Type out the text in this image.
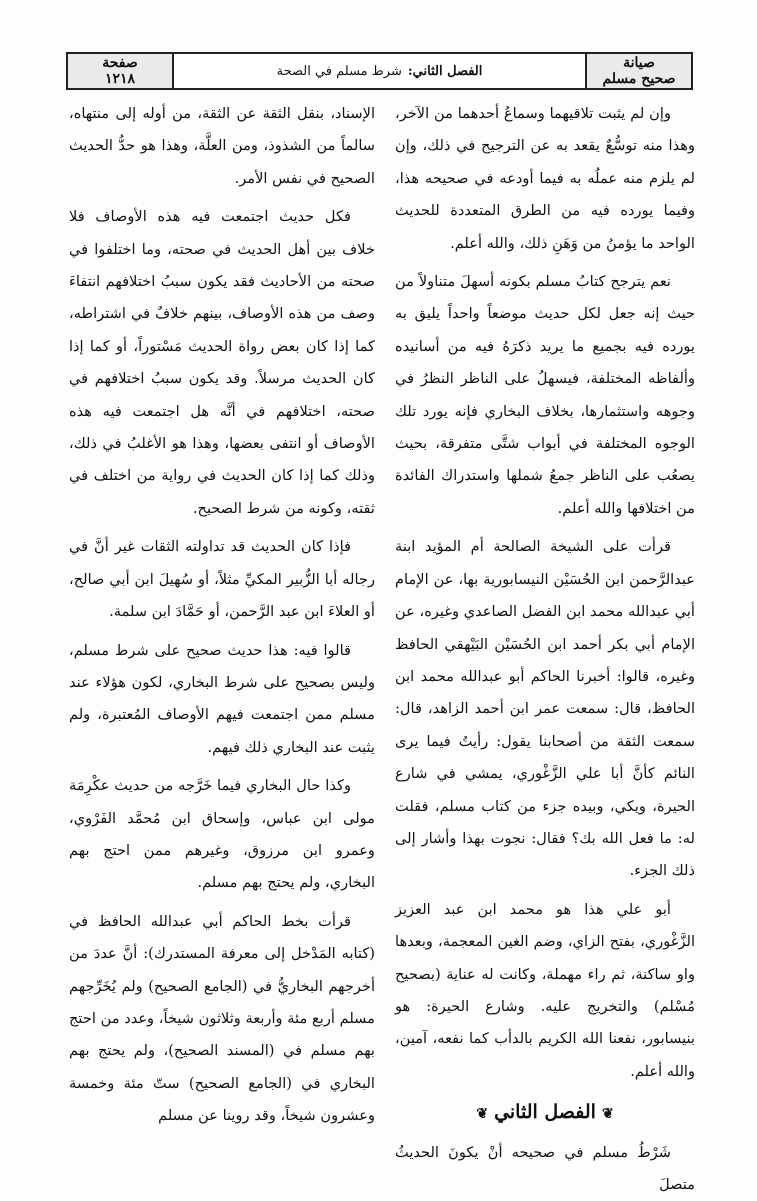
صيانة
صحيح مسلم
الفصل الثاني:
شرط مسلم في الصحة
صفحة
١٢١٨

وإن لم يثبت تلاقيهما وسماعُ أحدهما من الآخر، وهذا منه توسُّعٌ يقعد به عن الترجيح في ذلك، وإن لم يلزم منه عملُه به فيما أودعه في صحيحه هذا، وفيما يورده فيه من الطرق المتعددة للحديث الواحد ما يؤمنُ من وَهَنِ ذلك، والله أعلم.

نعم يترجح كتابُ مسلم بكونه أسهلَ متناولاً من حيث إنه جعل لكل حديث موضعاً واحداً يليق به يورده فيه بجميع ما يريد ذكرَهُ فيه من أسانيده وألفاظه المختلفة، فيسهلُ على الناظر النظرُ في وجوهه واستثمارها، بخلاف البخاري فإنه يورد تلك الوجوه المختلفة في أبواب شتَّى متفرقة، بحيث يصعُب على الناظر جمعُ شملها واستدراك الفائدة من اختلافها والله أعلم.

قرأت على الشيخة الصالحة أم المؤيد ابنة عبدالرَّحمن ابن الحُسَيْن النيسابورية بها، عن الإمام أبي عبدالله محمد ابن الفضل الصاعدي وغيره، عن الإمام أبي بكر أحمد ابن الحُسَيْن البَيْهقي الحافظ وغيره، قالوا: أخبرنا الحاكم أبو عبدالله محمد ابن الحافظ، قال: سمعت عمر ابن أحمد الزاهد، قال: سمعت الثقة من أصحابنا يقول: رأيتُ فيما يرى النائم كأنَّ أبا علي الزَّغْوري، يمشي في شارع الحيرة، ويكي، وبيده جزء من كتاب مسلم، فقلت له: ما فعل الله بك؟ فقال: نجوت بهذا وأشار إلى ذلك الجزء.

أبو علي هذا هو محمد ابن عبد العزيز الزَّغْوري، بفتح الزاي، وضم الغين المعجمة، وبعدها واو ساكنة، ثم راء مهملة، وكانت له عناية (بصحيح مُسْلم) والتخريج عليه. وشارع الحيرة: هو بنيسابور، نفعنا الله الكريم بالدأب كما نفعه، آمين، والله أعلم.

❦الفصل الثاني❦

شَرْطُ مسلم في صحيحه أنْ يكونَ الحديثُ متصلَ

الإسناد، بنقل الثقة عن الثقة، من أوله إلى منتهاه، سالماً من الشذوذ، ومن العلَّة، وهذا هو حدُّ الحديث الصحيح في نفس الأمر.

فكل حديث اجتمعت فيه هذه الأوصاف فلا خلاف بين أهل الحديث في صحته، وما اختلفوا في صحته من الأحاديث فقد يكون سببُ اختلافهم انتفاءَ وصف من هذه الأوصاف، بينهم خلافٌ في اشتراطه، كما إذا كان بعض رواة الحديث مَسْتوراً، أو كما إذا كان الحديث مرسلاً. وقد يكون سببُ اختلافهم في صحته، اختلافهم في أنَّه هل اجتمعت فيه هذه الأوصاف أو انتفى بعضها، وهذا هو الأغلبُ في ذلك، وذلك كما إذا كان الحديث في رواية من اختلف في ثقته، وكونه من شرط الصحيح.

فإذا كان الحديث قد تداولته الثقات غير أنَّ في رجاله أبا الزُّبير المكيِّ مثلاً، أو سُهيلَ ابن أبي صالح، أو العلاءَ ابن عبد الرَّحمن، أو حَمَّادَ ابن سلمة.

قالوا فيه: هذا حديث صحيح على شرط مسلم، وليس بصحيح على شرط البخاري، لكون هؤلاء عند مسلم ممن اجتمعت فيهم الأوصاف المُعتبرة، ولم يثبت عند البخاري ذلك فيهم.

وكذا حال البخاري فيما خَرَّجه من حديث عكْرِمَة مولى ابن عباس، وإسحاق ابن مُحمَّد الفَرْوي، وعمرو ابن مرزوق، وغيرهم ممن احتج بهم البخاري، ولم يحتج بهم مسلم.

قرأت بخط الحاكم أبي عبدالله الحافظ في (كتابه المَدْخل إلى معرفة المستدرك): أنَّ عددَ من أخرجهم البخاريُّ في (الجامع الصحيح) ولم يُخَرِّجهم مسلم أربع مئة وأربعة وثلاثون شيخاً، وعدد من احتج بهم مسلم في (المسند الصحيح)، ولم يحتج بهم البخاري في (الجامع الصحيح) ستّ مئة وخمسة وعشرون شيخاً، وقد روينا عن مسلم
